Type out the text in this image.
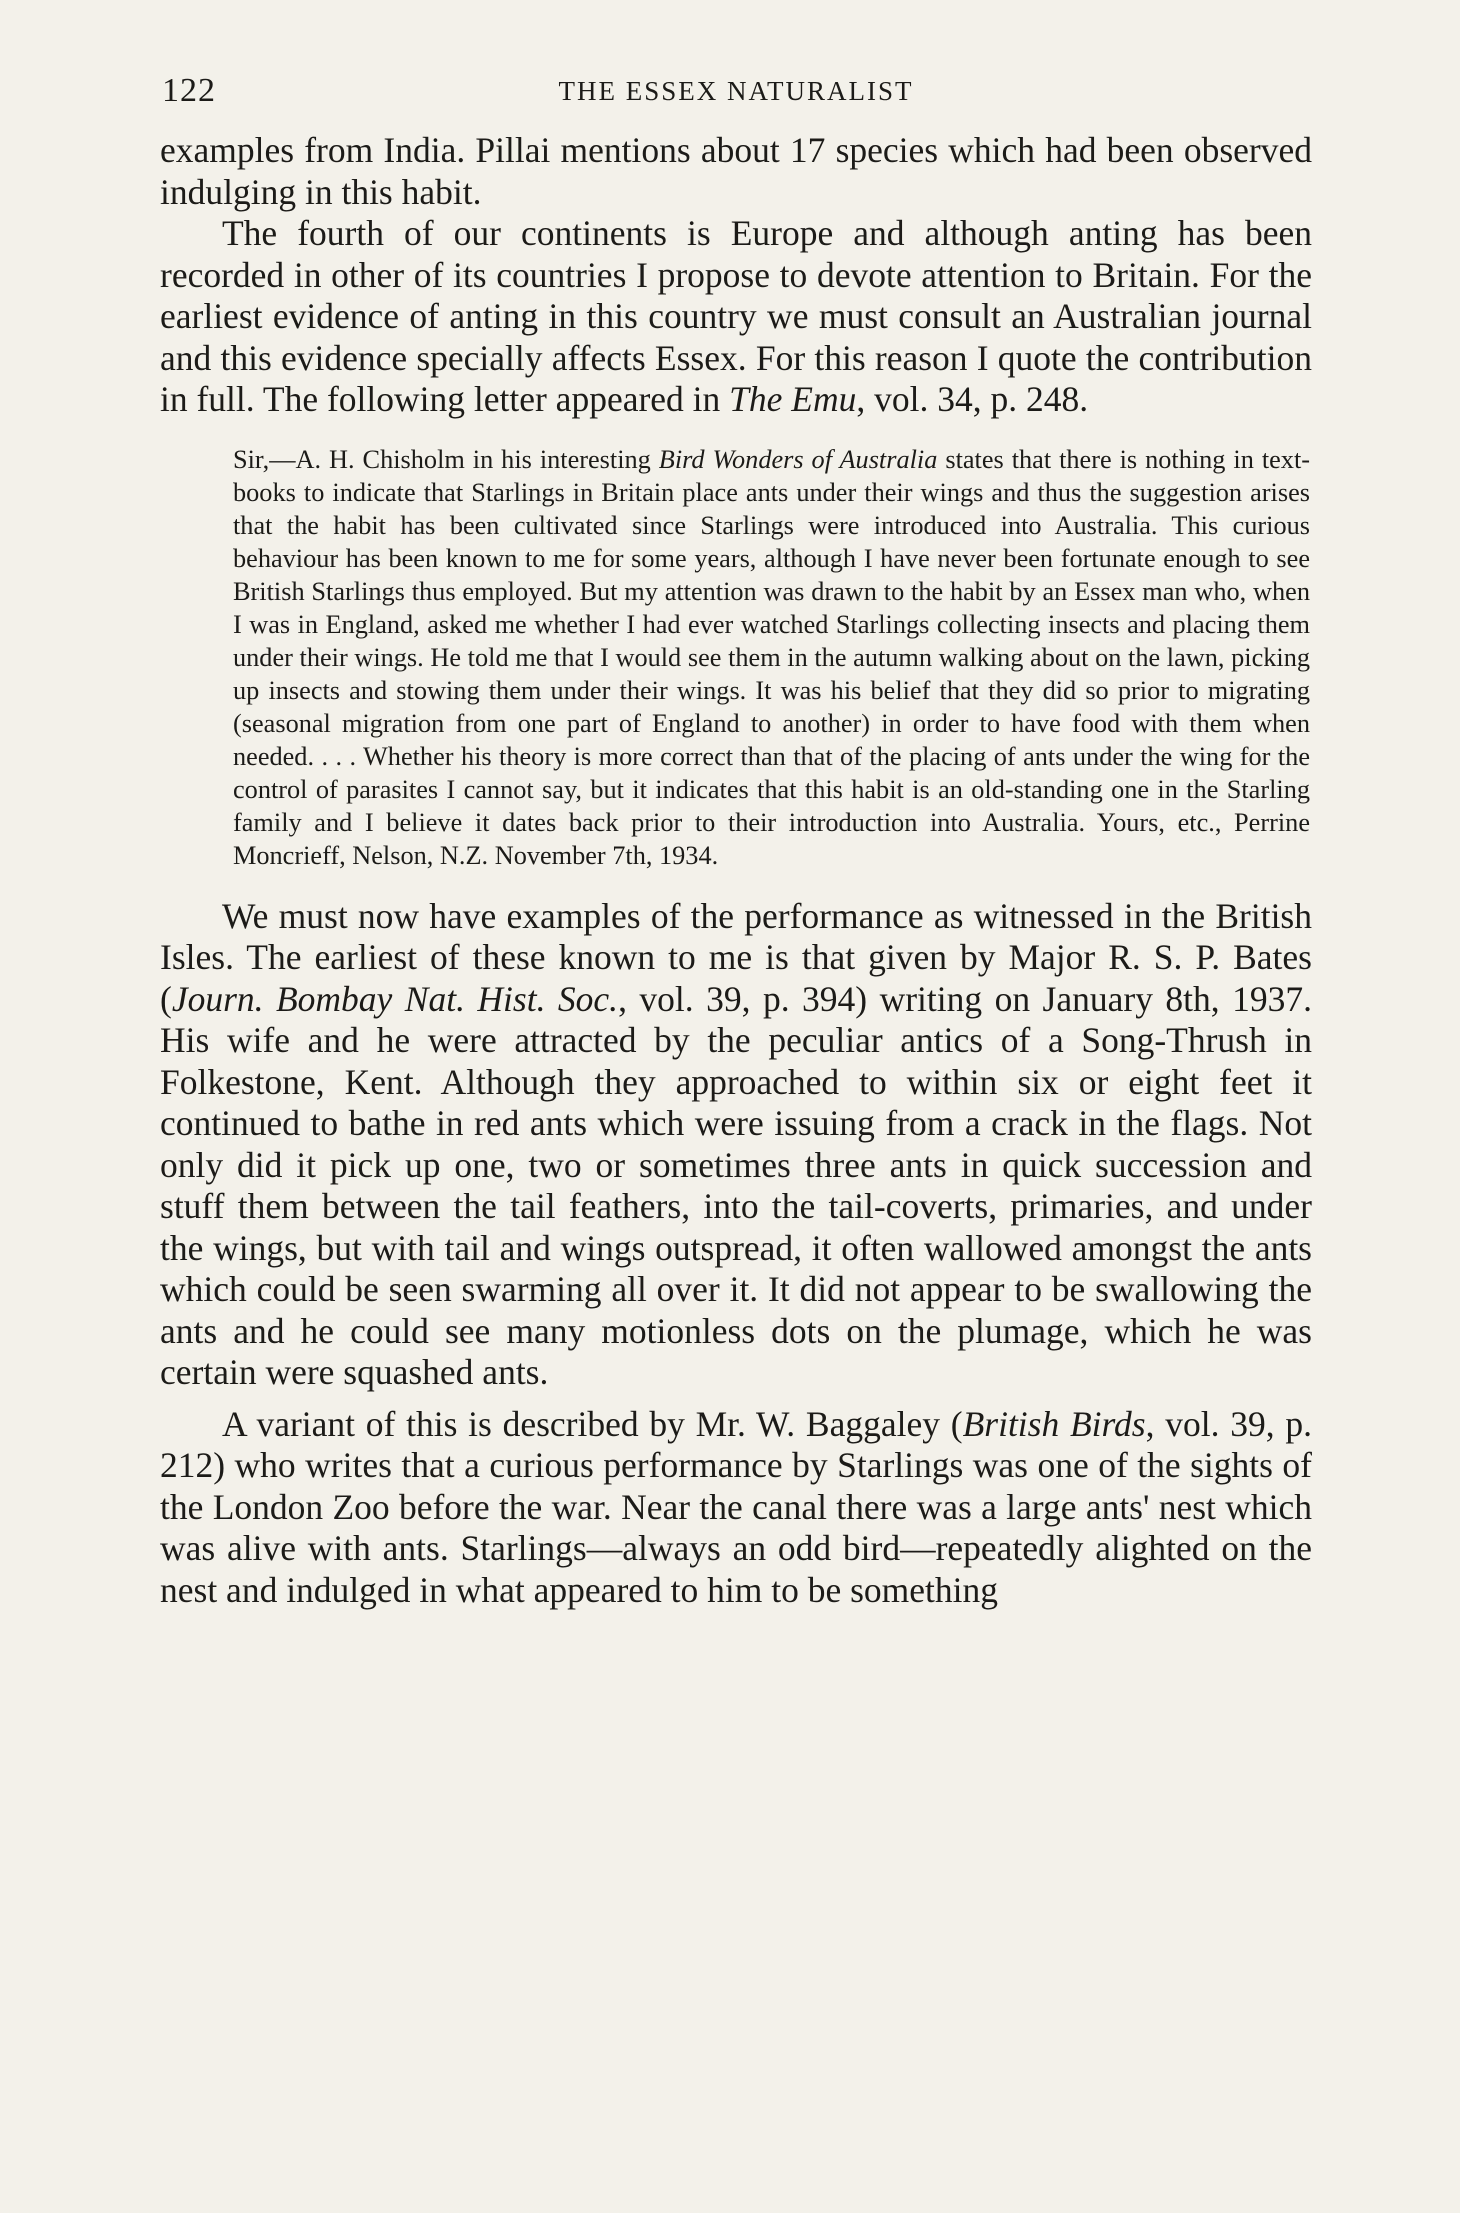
122	THE ESSEX NATURALIST

examples from India. Pillai mentions about 17 species which had been observed indulging in this habit.

The fourth of our continents is Europe and although anting has been recorded in other of its countries I propose to devote attention to Britain. For the earliest evidence of anting in this country we must consult an Australian journal and this evidence specially affects Essex. For this reason I quote the contribution in full. The following letter appeared in The Emu, vol. 34, p. 248.

Sir,—A. H. Chisholm in his interesting Bird Wonders of Australia states that there is nothing in text-books to indicate that Starlings in Britain place ants under their wings and thus the suggestion arises that the habit has been cultivated since Starlings were introduced into Australia. This curious behaviour has been known to me for some years, although I have never been fortunate enough to see British Starlings thus employed. But my attention was drawn to the habit by an Essex man who, when I was in England, asked me whether I had ever watched Starlings collecting insects and placing them under their wings. He told me that I would see them in the autumn walking about on the lawn, picking up insects and stowing them under their wings. It was his belief that they did so prior to migrating (seasonal migration from one part of England to another) in order to have food with them when needed. . . . Whether his theory is more correct than that of the placing of ants under the wing for the control of parasites I cannot say, but it indicates that this habit is an old-standing one in the Starling family and I believe it dates back prior to their introduction into Australia. Yours, etc., Perrine Moncrieff, Nelson, N.Z. November 7th, 1934.

We must now have examples of the performance as witnessed in the British Isles. The earliest of these known to me is that given by Major R. S. P. Bates (Journ. Bombay Nat. Hist. Soc., vol. 39, p. 394) writing on January 8th, 1937. His wife and he were attracted by the peculiar antics of a Song-Thrush in Folkestone, Kent. Although they approached to within six or eight feet it continued to bathe in red ants which were issuing from a crack in the flags. Not only did it pick up one, two or sometimes three ants in quick succession and stuff them between the tail feathers, into the tail-coverts, primaries, and under the wings, but with tail and wings outspread, it often wallowed amongst the ants which could be seen swarming all over it. It did not appear to be swallowing the ants and he could see many motionless dots on the plumage, which he was certain were squashed ants.

A variant of this is described by Mr. W. Baggaley (British Birds, vol. 39, p. 212) who writes that a curious performance by Starlings was one of the sights of the London Zoo before the war. Near the canal there was a large ants' nest which was alive with ants. Starlings—always an odd bird—repeatedly alighted on the nest and indulged in what appeared to him to be something
